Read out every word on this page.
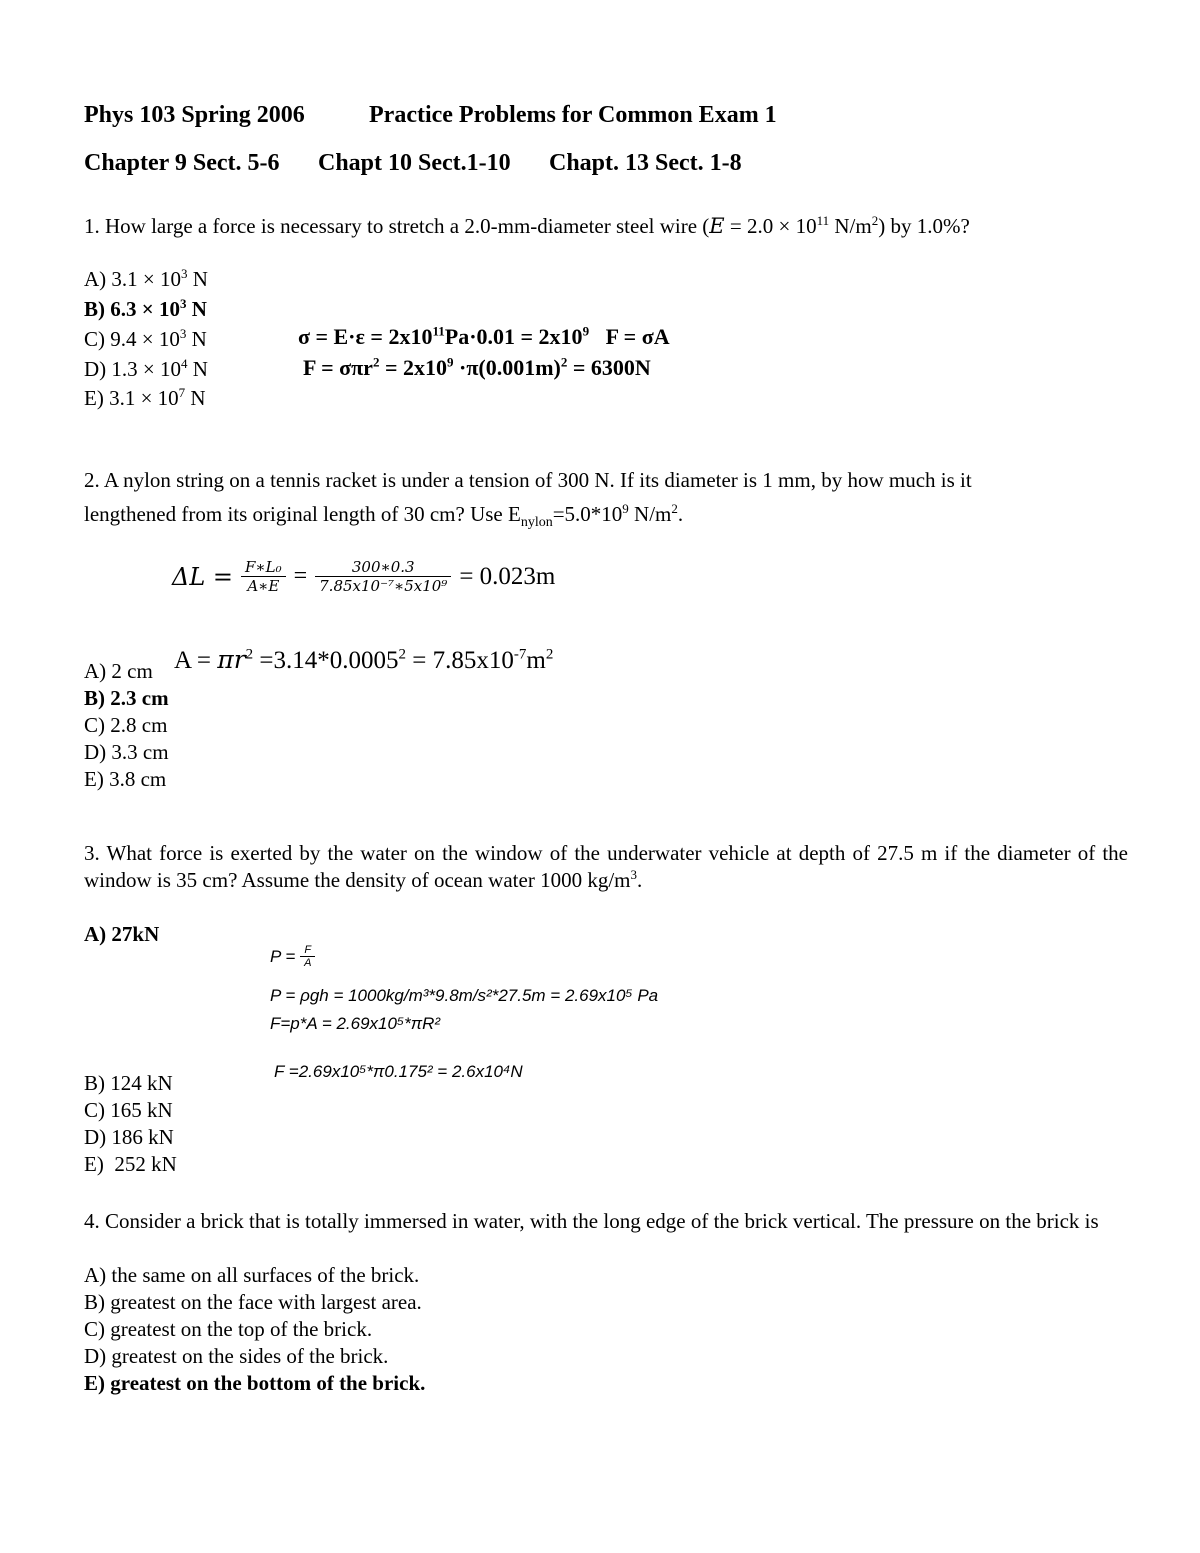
Phys 103 Spring 2006	Practice Problems for Common Exam 1
Chapter 9 Sect. 5-6 Chapt 10 Sect.1-10 Chapt. 13 Sect. 1-8
1. How large a force is necessary to stretch a 2.0-mm-diameter steel wire ($E = 2.0 \times 10^{11}$ $N/m^2$) by 1.0%?
A) $3.1 \times 10^3$ N
B) $6.3 \times 10^3$ N
C) $9.4 \times 10^3$ N
D) $1.3 \times 10^4$ N
E) $3.1 \times 10^7$ N
$\sigma = E\cdot\varepsilon = 2x10^{11}Pa\cdot 0.01 = 2x10^9$   F = σA
$F = \sigma\pi r^2 = 2x10^9 \cdot\pi(0.001m)^2 = 6300N$
2. A nylon string on a tennis racket is under a tension of 300 N. If its diameter is 1 mm, by how much is it
lengthened from its original length of 30 cm? Use $E_{nylon}=5.0*10^9$ $N/m^2$.
$\Delta L = \frac{\text{F∗L₀}}{A∗E} = \frac{300∗0.3}{\text{7.85x10⁻⁷∗5x10⁹}} = 0.023m$
$A = \pi r^2 =3.14*0.0005^2 = 7.85x10^{-7}m^2$
A) 2 cm
B) 2.3 cm
C) 2.8 cm
D) 3.3 cm
E) 3.8 cm
3. What force is exerted by the water on the window of the underwater vehicle at depth of 27.5 m if the diameter of the window is 35 cm? Assume the density of ocean water 1000 $kg/m^3$.
A) 27kN
$P = \frac{F}{A}$
P = ρgh = 1000kg/m³*9.8m/s²*27.5m = 2.69x10⁵ Pa
F=p*A = 2.69x10⁵*πR²
F =2.69x10⁵*π0.175² = 2.6x10⁴N
B) 124 kN
C) 165 kN
D) 186 kN
E)  252 kN
4. Consider a brick that is totally immersed in water, with the long edge of the brick vertical. The pressure on the brick is
A) the same on all surfaces of the brick.
B) greatest on the face with largest area.
C) greatest on the top of the brick.
D) greatest on the sides of the brick.
E) greatest on the bottom of the brick.
